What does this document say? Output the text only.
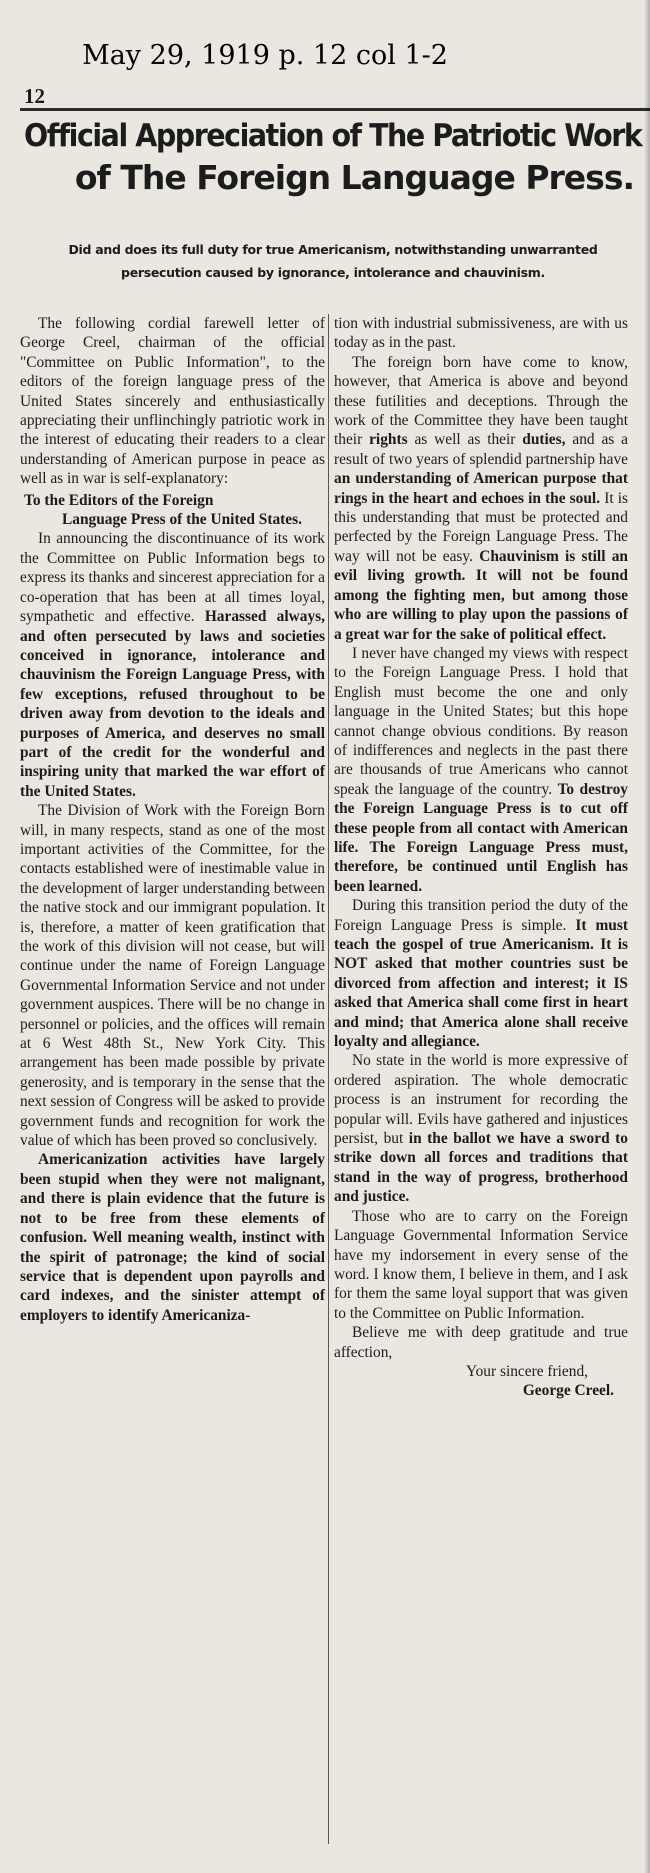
May 29, 1919 p. 12 col 1-2
12
Official Appreciation of The Patriotic Work
of The Foreign Language Press.
Did and does its full duty for true Americanism, notwithstanding unwarranted
persecution caused by ignorance, intolerance and chauvinism.

The following cordial farewell letter of George Creel, chairman of the official "Committee on Public Information", to the editors of the foreign language press of the United States sincerely and enthusiastically appreciating their unflinchingly patriotic work in the interest of educating their readers to a clear understanding of American purpose in peace as well as in war is self-explanatory:

To the Editors of the Foreign
Language Press of the United States.

In announcing the discontinuance of its work the Committee on Public Information begs to express its thanks and sincerest appreciation for a co-operation that has been at all times loyal, sympathetic and effective. Harassed always, and often persecuted by laws and societies conceived in ignorance, intolerance and chauvinism the Foreign Language Press, with few exceptions, refused throughout to be driven away from devotion to the ideals and purposes of America, and deserves no small part of the credit for the wonderful and inspiring unity that marked the war effort of the United States.

The Division of Work with the Foreign Born will, in many respects, stand as one of the most important activities of the Committee, for the contacts established were of inestimable value in the development of larger understanding between the native stock and our immigrant population. It is, therefore, a matter of keen gratification that the work of this division will not cease, but will continue under the name of Foreign Language Governmental Information Service and not under government auspices. There will be no change in personnel or policies, and the offices will remain at 6 West 48th St., New York City. This arrangement has been made possible by private generosity, and is temporary in the sense that the next session of Congress will be asked to provide government funds and recognition for work the value of which has been proved so conclusively.

Americanization activities have largely been stupid when they were not malignant, and there is plain evidence that the future is not to be free from these elements of confusion. Well meaning wealth, instinct with the spirit of patronage; the kind of social service that is dependent upon payrolls and card indexes, and the sinister attempt of employers to identify Americaniza-

tion with industrial submissiveness, are with us today as in the past.

The foreign born have come to know, however, that America is above and beyond these futilities and deceptions. Through the work of the Committee they have been taught their rights as well as their duties, and as a result of two years of splendid partnership have an understanding of American purpose that rings in the heart and echoes in the soul. It is this understanding that must be protected and perfected by the Foreign Language Press. The way will not be easy. Chauvinism is still an evil living growth. It will not be found among the fighting men, but among those who are willing to play upon the passions of a great war for the sake of political effect.

I never have changed my views with respect to the Foreign Language Press. I hold that English must become the one and only language in the United States; but this hope cannot change obvious conditions. By reason of indifferences and neglects in the past there are thousands of true Americans who cannot speak the language of the country. To destroy the Foreign Language Press is to cut off these people from all contact with American life. The Foreign Language Press must, therefore, be continued until English has been learned.

During this transition period the duty of the Foreign Language Press is simple. It must teach the gospel of true Americanism. It is NOT asked that mother countries sust be divorced from affection and interest; it IS asked that America shall come first in heart and mind; that America alone shall receive loyalty and allegiance.

No state in the world is more expressive of ordered aspiration. The whole democratic process is an instrument for recording the popular will. Evils have gathered and injustices persist, but in the ballot we have a sword to strike down all forces and traditions that stand in the way of progress, brotherhood and justice.

Those who are to carry on the Foreign Language Governmental Information Service have my indorsement in every sense of the word. I know them, I believe in them, and I ask for them the same loyal support that was given to the Committee on Public Information.

Believe me with deep gratitude and true affection,

Your sincere friend,

George Creel.
